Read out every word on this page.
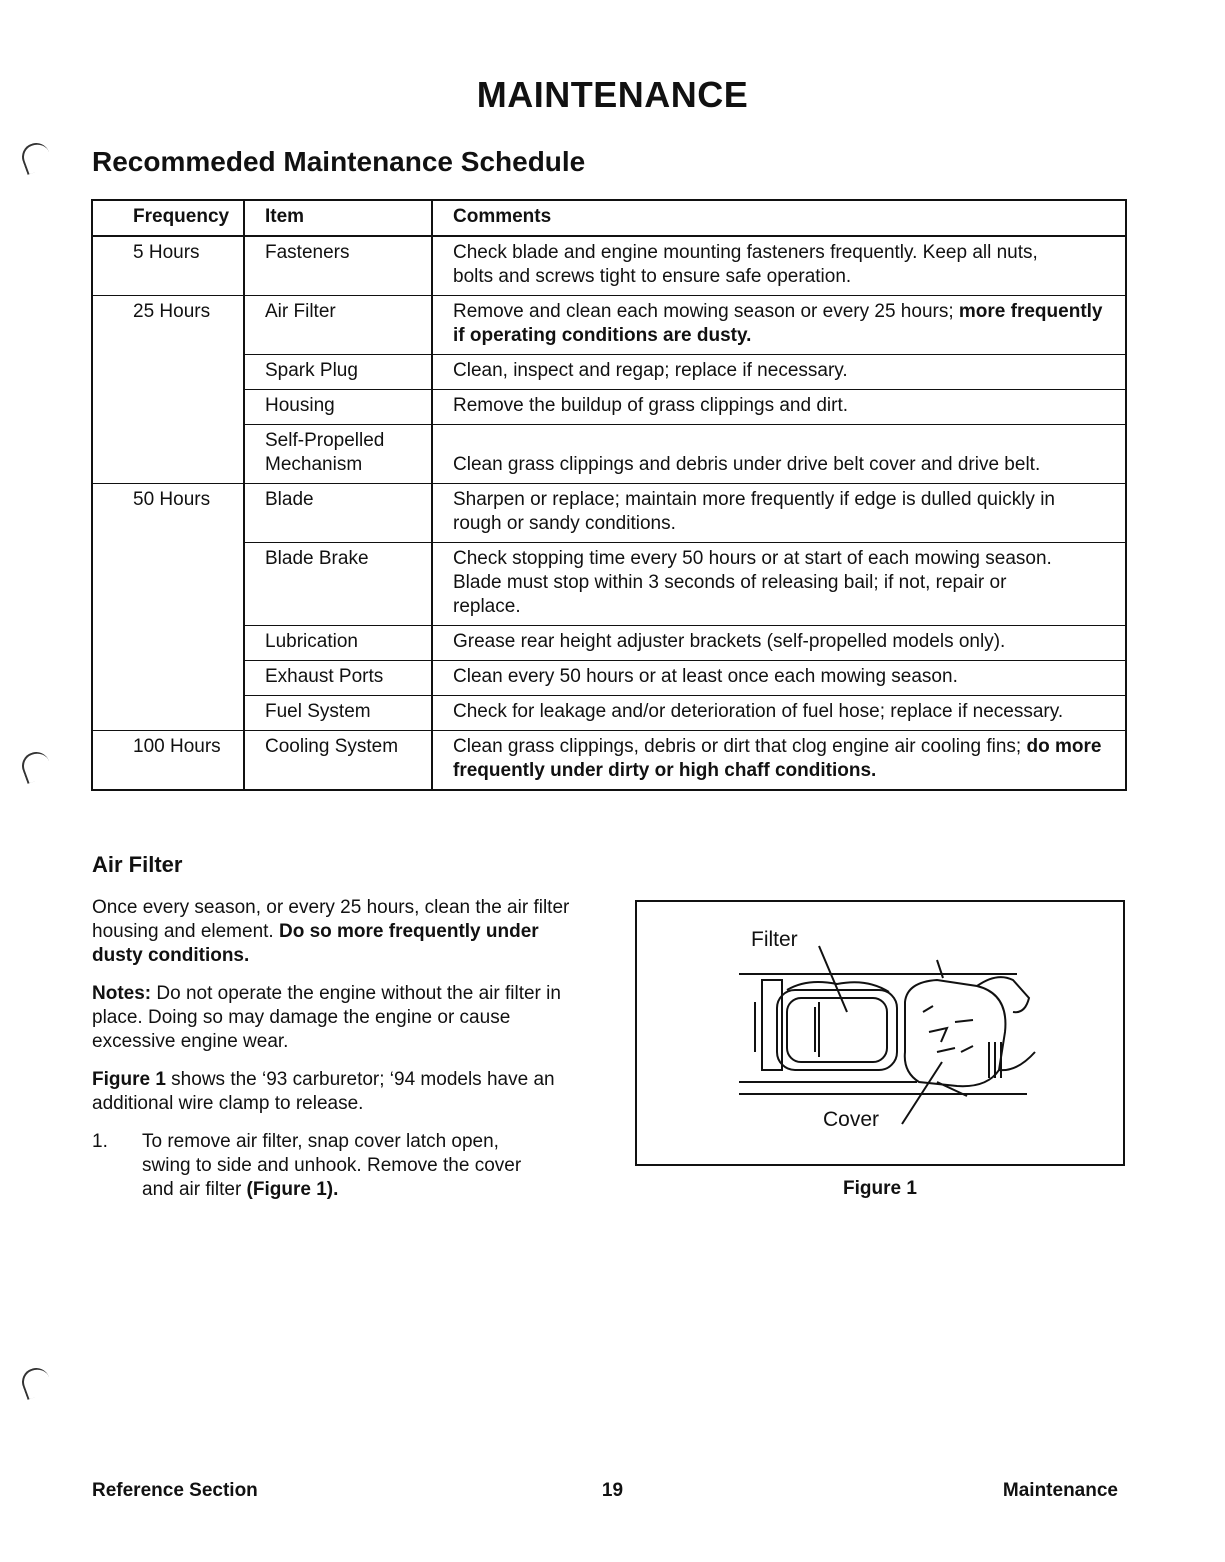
MAINTENANCE
Recommeded Maintenance Schedule
Frequency	Item	Comments
5 Hours	Fasteners	Check blade and engine mounting fasteners frequently. Keep all nuts,
bolts and screws tight to ensure safe operation.
25 Hours	Air Filter	Remove and clean each mowing season or every 25 hours; more frequently if operating conditions are dusty.
	Spark Plug	Clean, inspect and regap; replace if necessary.
	Housing	Remove the buildup of grass clippings and dirt.
	Self-Propelled
Mechanism	Clean grass clippings and debris under drive belt cover and drive belt.
50 Hours	Blade	Sharpen or replace; maintain more frequently if edge is dulled quickly in
rough or sandy conditions.
	Blade Brake	Check stopping time every 50 hours or at start of each mowing season.
Blade must stop within 3 seconds of releasing bail; if not, repair or
replace.
	Lubrication	Grease rear height adjuster brackets (self-propelled models only).
	Exhaust Ports	Clean every 50 hours or at least once each mowing season.
	Fuel System	Check for leakage and/or deterioration of fuel hose; replace if necessary.
100 Hours	Cooling System	Clean grass clippings, debris or dirt that clog engine air cooling fins; do more frequently under dirty or high chaff conditions.
Air Filter

Once every season, or every 25 hours, clean the air filter housing and element. Do so more frequently under dusty conditions.

Notes: Do not operate the engine without the air filter in place. Doing so may damage the engine or cause excessive engine wear.

Figure 1 shows the ‘93 carburetor; ‘94 models have an additional wire clamp to release.

1.	To remove air filter, snap cover latch open, swing to side and unhook. Remove the cover and air filter (Figure 1).
Filter
Cover
Figure 1
Reference Section	19	Maintenance
